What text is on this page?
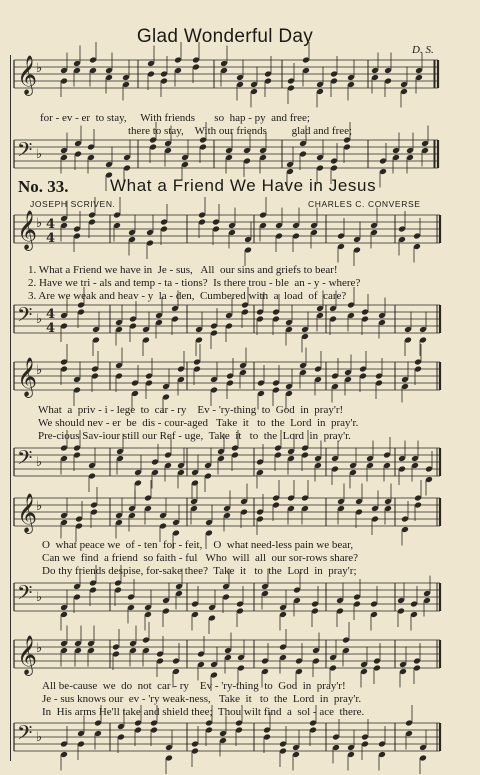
𝄞
♭
𝄢 ♭
𝄞
♭ 4
4
𝄢 ♭ 4
4
𝄞
♭
𝄢 ♭
𝄞
♭
𝄢 ♭
𝄞
♭
𝄢 ♭
Glad Wonderful Day
D. S.
for - ev - er  to stay,     With friends       so  hap - py  and free;
there to stay,    With our friends         glad and free;
No. 33. What a Friend We Have in Jesus
JOSEPH SCRIVEN.	CHARLES C. CONVERSE
1. What a Friend we have in  Je - sus,   All  our sins and griefs to bear!
2. Have we tri - als and temp - ta - tions?  Is there trou - ble  an - y - where?
3. Are we weak and heav - y  la - den,  Cumbered with  a  load  of  care?
What  a  priv - i - lege  to  car - ry    Ev - 'ry-thing  to  God  in  pray'r!
We should nev - er  be  dis - cour-aged   Take  it   to  the  Lord  in  pray'r.
Pre-cious Sav-iour still our Ref - uge,  Take  it   to  the  Lord  in  pray'r.
O  what peace we  of - ten  for - feit,    O  what need-less pain we bear,
Can we  find  a friend  so faith - ful   Who  will  all  our sor-rows share?
Do thy friends despise, for-sake thee?  Take  it   to  the  Lord  in  pray'r;
All be-cause  we  do  not  car - ry    Ev - 'ry-thing  to  God  in  pray'r!
Je - sus knows our  ev - 'ry weak-ness,   Take  it   to  the  Lord  in  pray'r.
In  His arms He'll take and shield thee;  Thou wilt find  a  sol - ace  there.
